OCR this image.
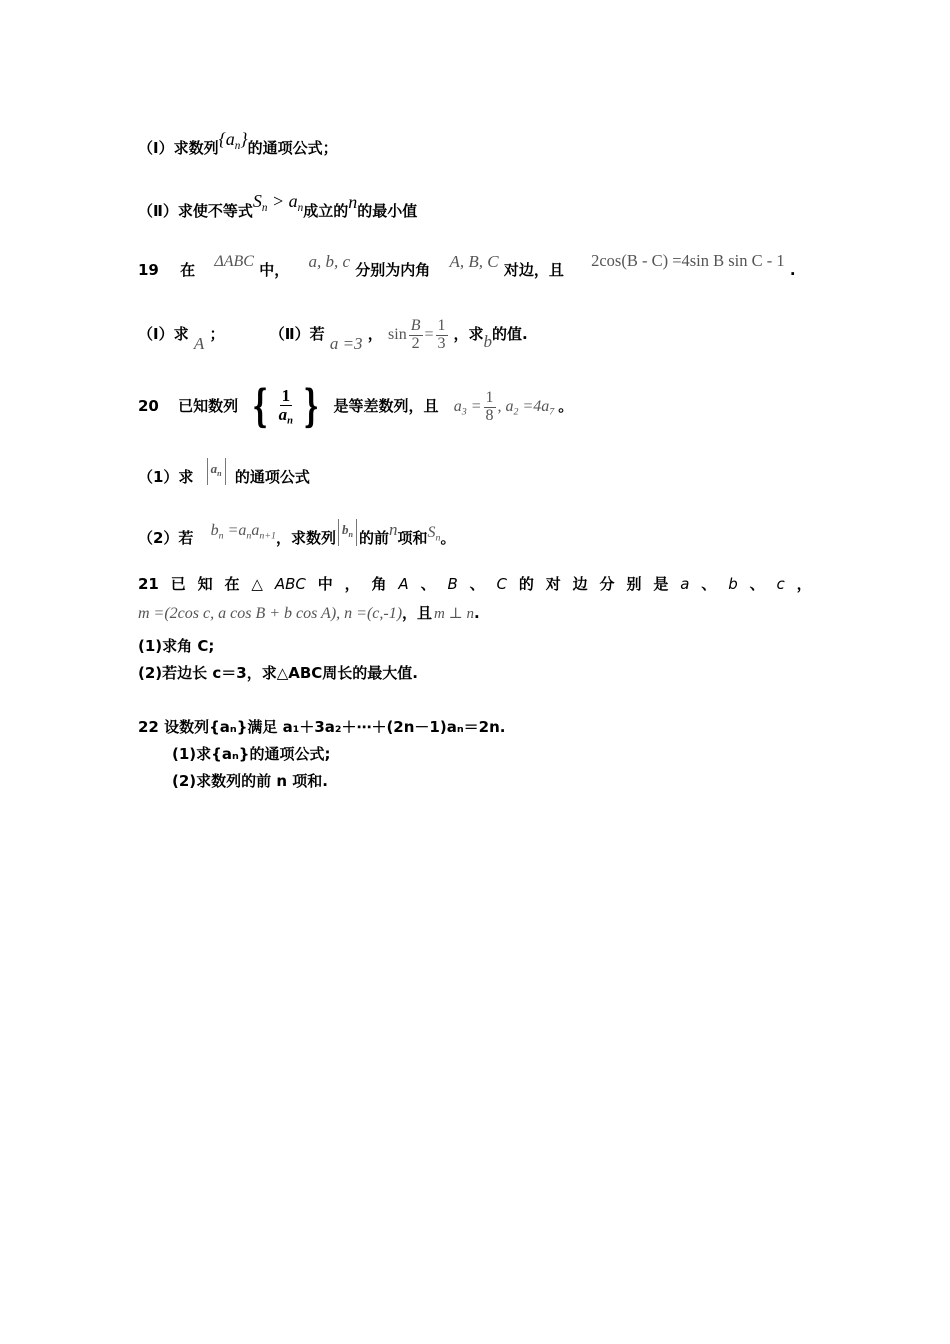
（Ⅰ）求数列$\{a_n\}$的通项公式；
（Ⅱ）求使不等式$S_n > a_n$成立的n的最小值
19 在 ΔABC 中， a, b, c 分别为内角 A, B, C 对边，且 2cos(B - C) =4sin B sin C - 1 .
（Ⅰ）求 A ；	（Ⅱ）若 a =3 ， $\sin \frac{B}{2} = \frac{1}{3}$ ，求b的值.
20 已知数列 { $\frac{1}{a_n}$ } 是等差数列，且 $a_3 = \frac{1}{8}$ , $a_2 =4a_7$ 。
（1）求 $a_n$ 的通项公式
（2）若 $b_n =a_na_{n+1}$，求数列 $b_n$ 的前n项和$S_n$。
21 已 知 在 △ ABC 中 ， 角 A 、 B 、 C 的 对 边 分 别 是 a 、 b 、 c ，
m =(2cos c, a cos B + b cos A), n =(c,-1)，且 m ⊥ n.
(1)求角 C;
(2)若边长 c＝3，求△ABC周长的最大值.
22 设数列{aₙ}满足 a₁＋3a₂＋⋯＋(2n－1)aₙ＝2n.
(1)求{aₙ}的通项公式;
(2)求数列的前 n 项和.
